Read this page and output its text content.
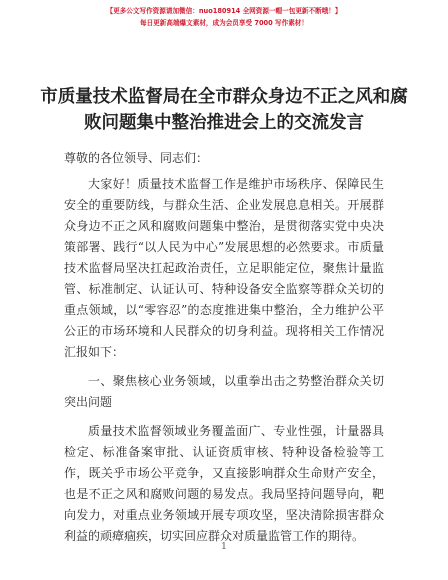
【更多公文写作资源请加微信：nuo180914 全网资源一帽一包更新不断哦！】
每日更新高端爆文素材，成为会员享受 7000 写作素材！
市质量技术监督局在全市群众身边不正之风和腐败问题集中整治推进会上的交流发言

尊敬的各位领导、同志们：

大家好！质量技术监督工作是维护市场秩序、保障民生安全的重要防线，与群众生活、企业发展息息相关。开展群众身边不正之风和腐败问题集中整治，是贯彻落实党中央决策部署、践行“以人民为中心”发展思想的必然要求。市质量技术监督局坚决扛起政治责任，立足职能定位，聚焦计量监管、标准制定、认证认可、特种设备安全监察等群众关切的重点领域，以“零容忍”的态度推进集中整治，全力维护公平公正的市场环境和人民群众的切身利益。现将相关工作情况汇报如下：

一、聚焦核心业务领域，以重拳出击之势整治群众关切突出问题

质量技术监督领域业务覆盖面广、专业性强，计量器具检定、标准备案审批、认证资质审核、特种设备检验等工作，既关乎市场公平竞争，又直接影响群众生命财产安全，也是不正之风和腐败问题的易发点。我局坚持问题导向，靶向发力，对重点业务领域开展专项攻坚，坚决清除损害群众利益的顽瘴痼疾，切实回应群众对质量监管工作的期待。

1
